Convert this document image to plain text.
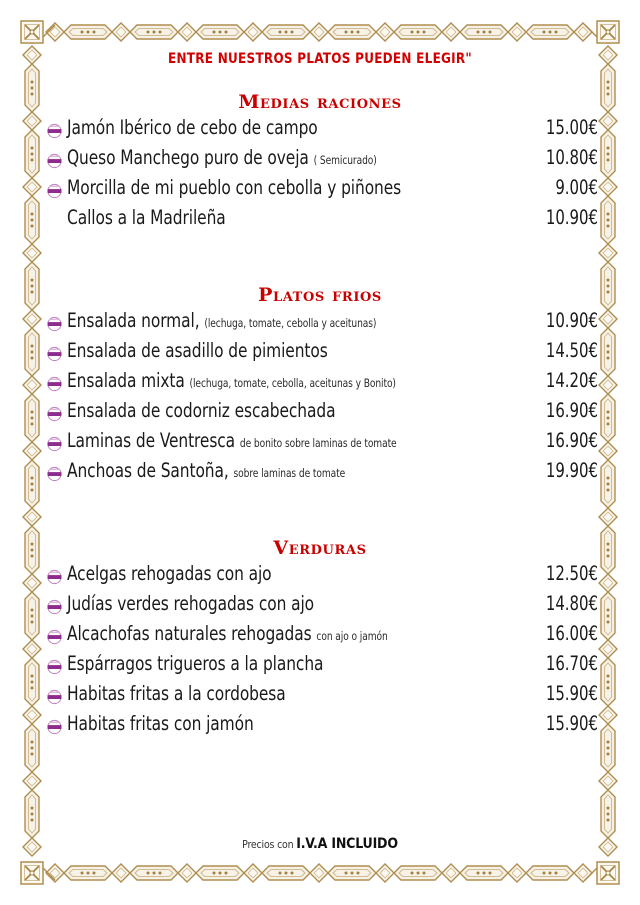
ENTRE NUESTROS PLATOS PUEDEN ELEGIR"
Medias raciones
Jamón Ibérico de cebo de campo	15.00€
Queso Manchego puro de oveja ( Semicurado)	10.80€
Morcilla de mi pueblo con cebolla y piñones	9.00€
Callos a la Madrileña	10.90€
Platos frios
Ensalada normal, (lechuga, tomate, cebolla y aceitunas)	10.90€
Ensalada de asadillo de pimientos	14.50€
Ensalada mixta (lechuga, tomate, cebolla, aceitunas y Bonito)	14.20€
Ensalada de codorniz escabechada	16.90€
Laminas de Ventresca de bonito sobre laminas de tomate	16.90€
Anchoas de Santoña, sobre laminas de tomate	19.90€
Verduras
Acelgas rehogadas con ajo	12.50€
Judías verdes rehogadas con ajo	14.80€
Alcachofas naturales rehogadas con ajo o jamón	16.00€
Espárragos trigueros a la plancha	16.70€
Habitas fritas a la cordobesa	15.90€
Habitas fritas con jamón	15.90€
Precios con I.V.A INCLUIDO
